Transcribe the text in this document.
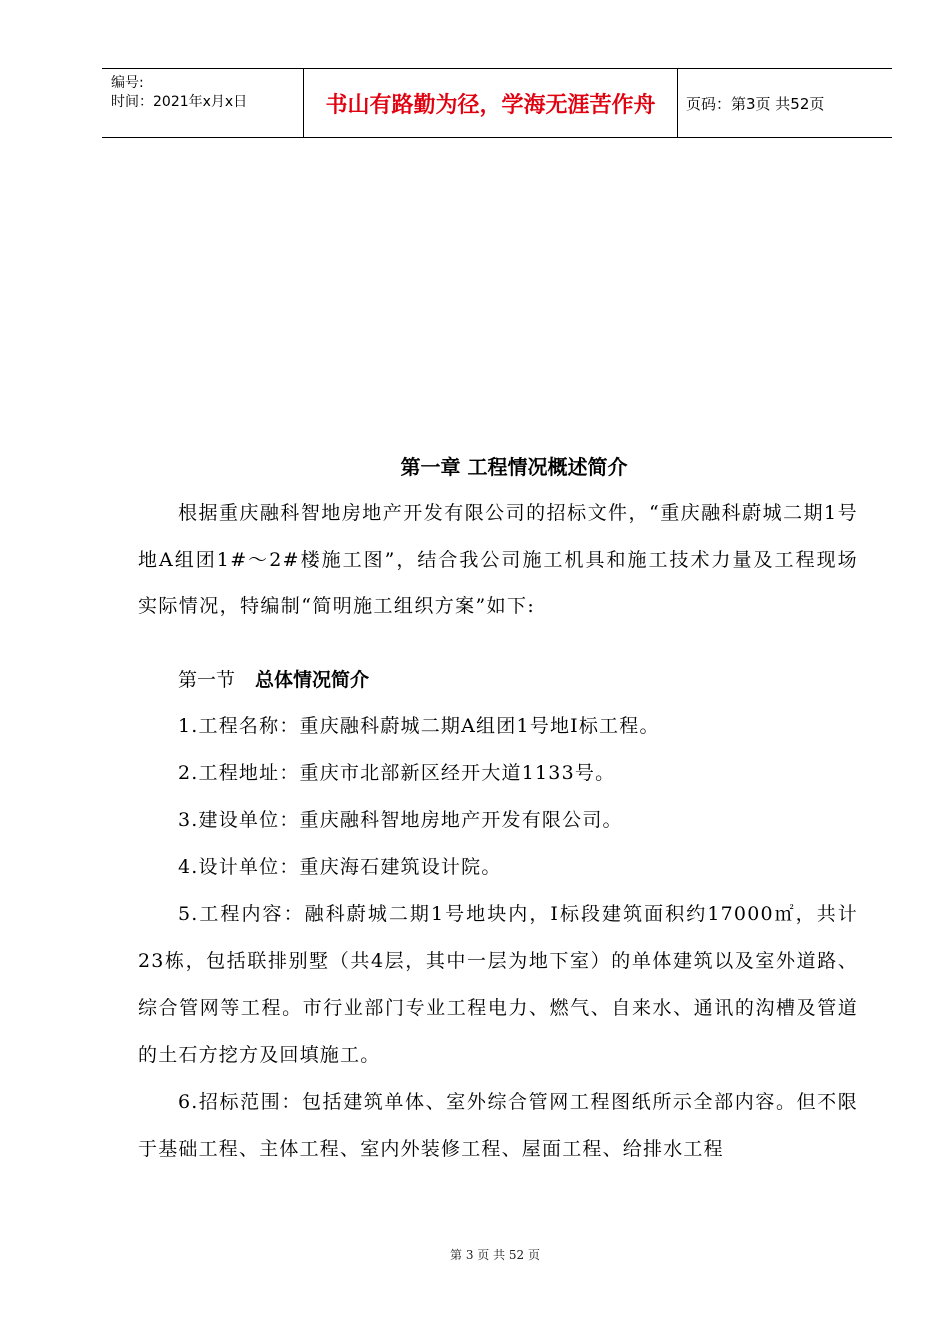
编号:
时间：2021年x月x日	书山有路勤为径，学海无涯苦作舟	页码：第3页 共52页
第一章 工程情况概述简介

根据重庆融科智地房地产开发有限公司的招标文件，“重庆融科蔚城二期1号地A组团1#～2#楼施工图”，结合我公司施工机具和施工技术力量及工程现场实际情况，特编制“简明施工组织方案”如下:

第一节 总体情况简介

1.工程名称：重庆融科蔚城二期A组团1号地Ⅰ标工程。

2.工程地址：重庆市北部新区经开大道1133号。

3.建设单位：重庆融科智地房地产开发有限公司。

4.设计单位：重庆海石建筑设计院。

5.工程内容：融科蔚城二期1号地块内，Ⅰ标段建筑面积约17000㎡，共计23栋，包括联排别墅（共4层，其中一层为地下室）的单体建筑以及室外道路、综合管网等工程。市行业部门专业工程电力、燃气、自来水、通讯的沟槽及管道的土石方挖方及回填施工。

6.招标范围：包括建筑单体、室外综合管网工程图纸所示全部内容。但不限于基础工程、主体工程、室内外装修工程、屋面工程、给排水工程

第 3 页 共 52 页
